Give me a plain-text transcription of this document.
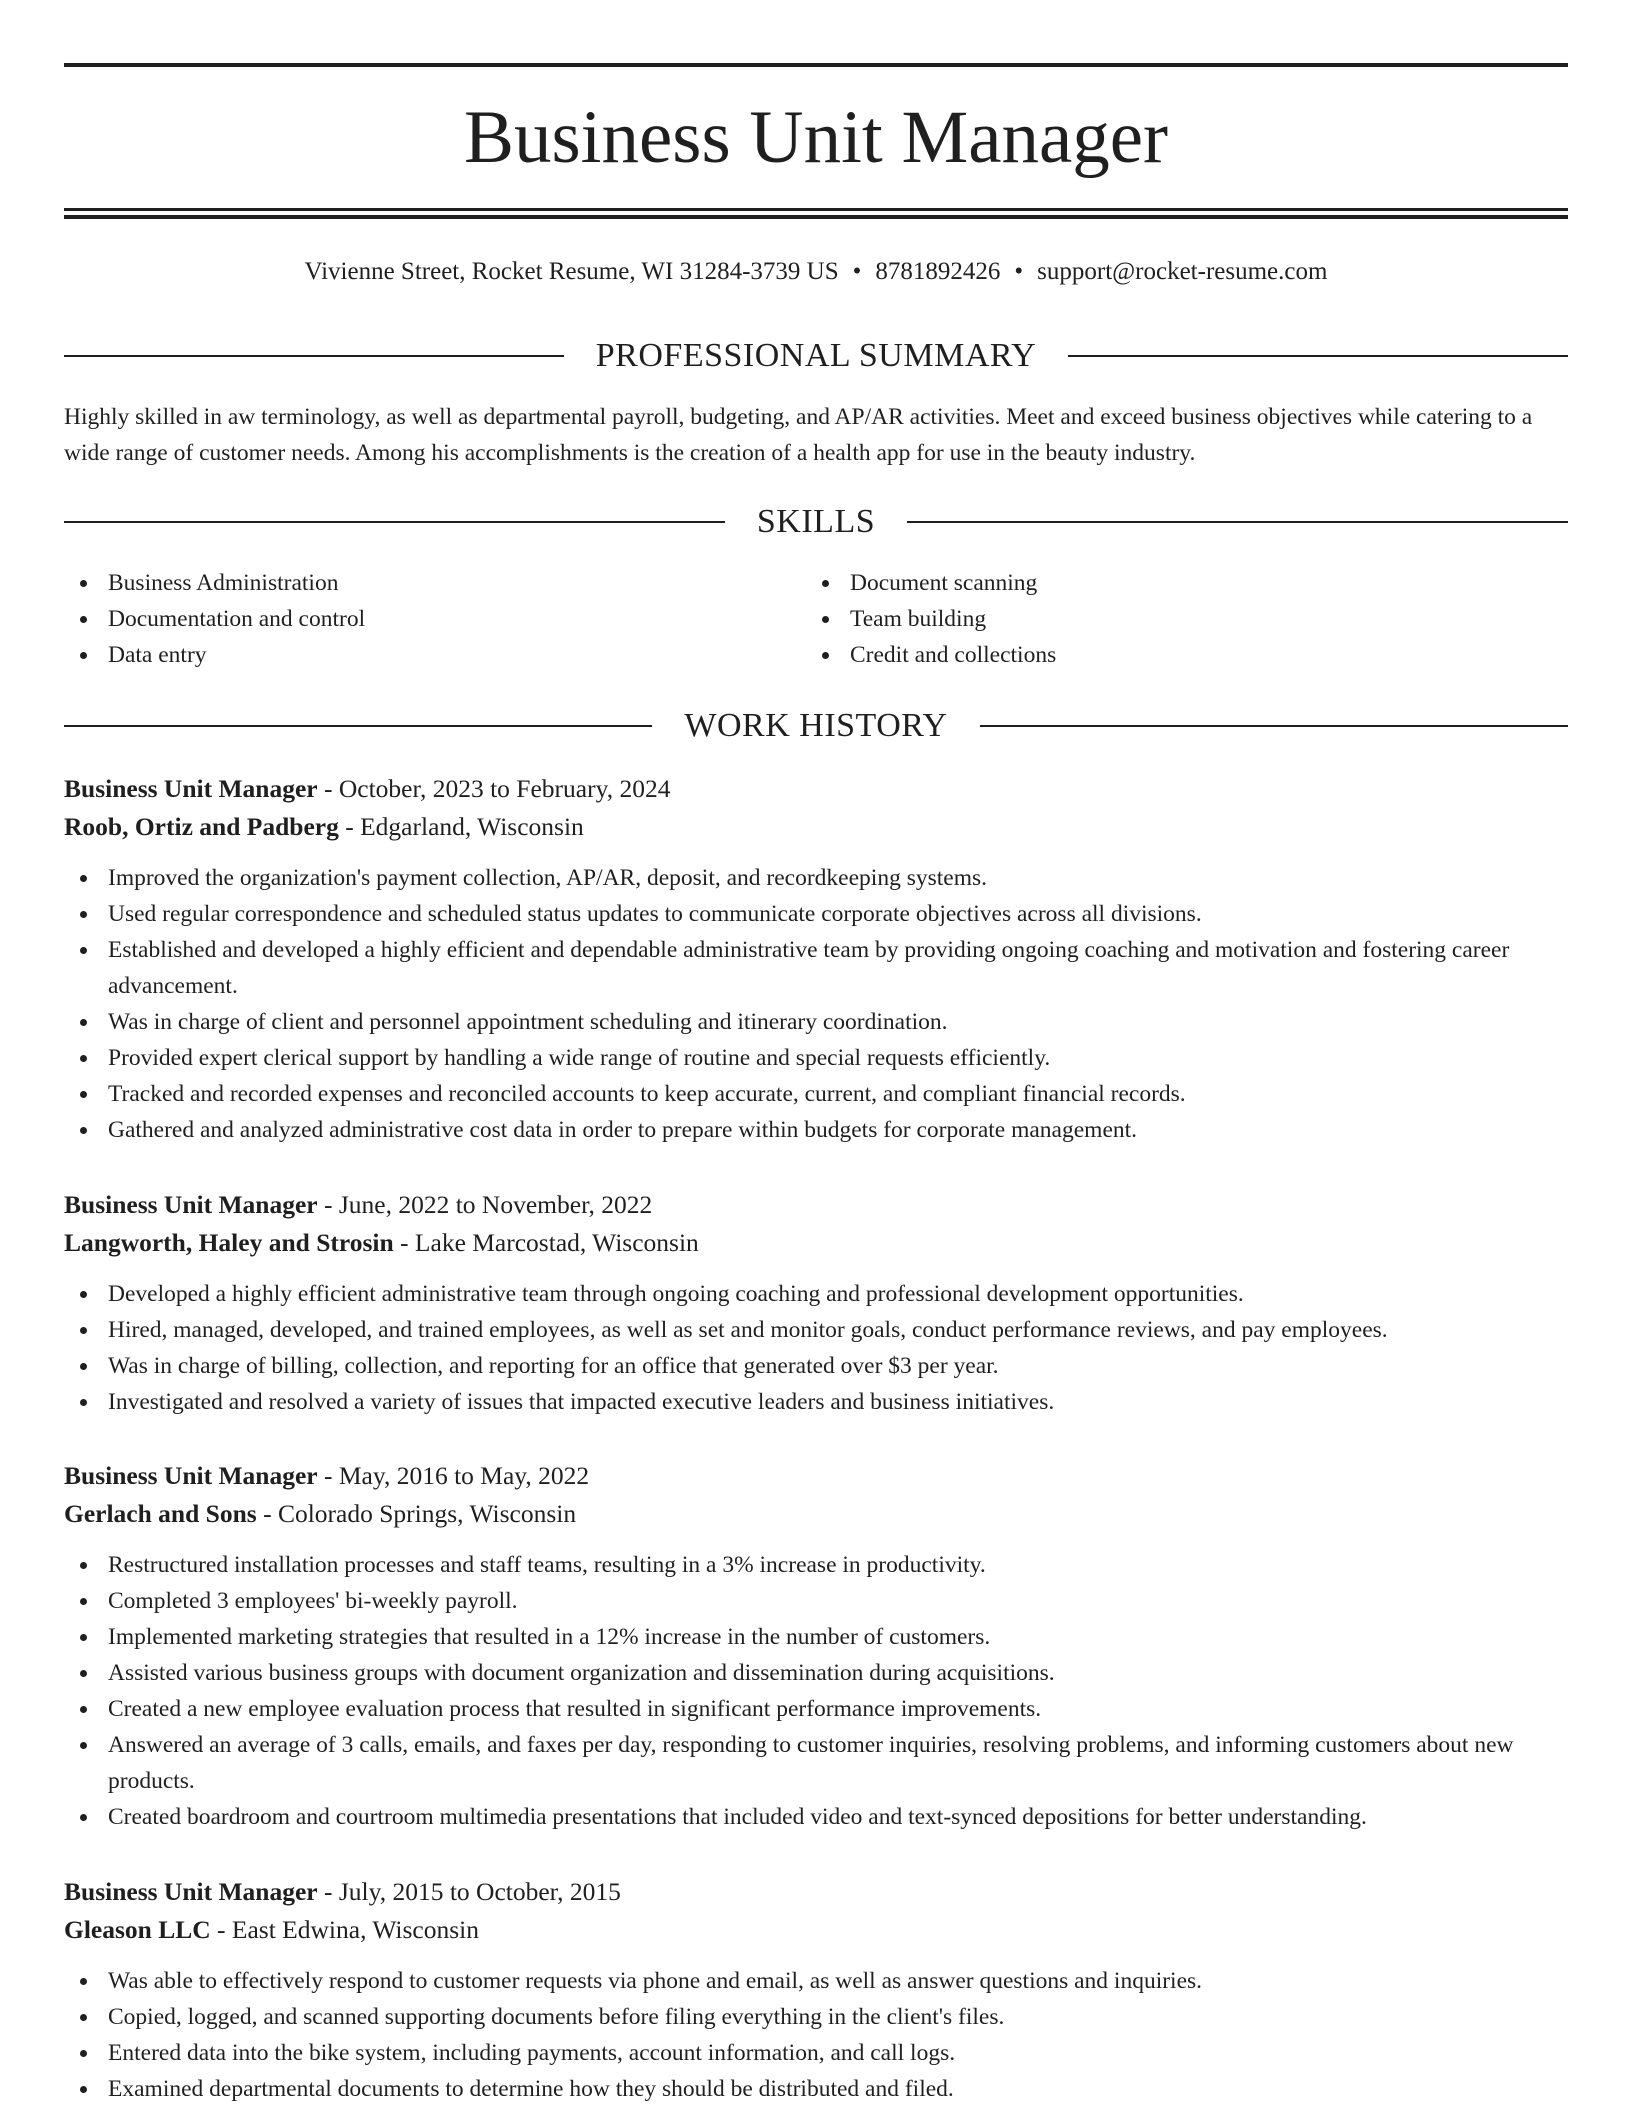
Business Unit Manager
Vivienne Street, Rocket Resume, WI 31284-3739 US • 8781892426 • support@rocket-resume.com
PROFESSIONAL SUMMARY

Highly skilled in aw terminology, as well as departmental payroll, budgeting, and AP/AR activities. Meet and exceed business objectives while catering to a wide range of customer needs. Among his accomplishments is the creation of a health app for use in the beauty industry.

SKILLS
Business Administration
Documentation and control
Data entry
Document scanning
Team building
Credit and collections
WORK HISTORY
Business Unit Manager - October, 2023 to February, 2024
Roob, Ortiz and Padberg - Edgarland, Wisconsin
Improved the organization's payment collection, AP/AR, deposit, and recordkeeping systems.
Used regular correspondence and scheduled status updates to communicate corporate objectives across all divisions.
Established and developed a highly efficient and dependable administrative team by providing ongoing coaching and motivation and fostering career advancement.
Was in charge of client and personnel appointment scheduling and itinerary coordination.
Provided expert clerical support by handling a wide range of routine and special requests efficiently.
Tracked and recorded expenses and reconciled accounts to keep accurate, current, and compliant financial records.
Gathered and analyzed administrative cost data in order to prepare within budgets for corporate management.
Business Unit Manager - June, 2022 to November, 2022
Langworth, Haley and Strosin - Lake Marcostad, Wisconsin
Developed a highly efficient administrative team through ongoing coaching and professional development opportunities.
Hired, managed, developed, and trained employees, as well as set and monitor goals, conduct performance reviews, and pay employees.
Was in charge of billing, collection, and reporting for an office that generated over $3 per year.
Investigated and resolved a variety of issues that impacted executive leaders and business initiatives.
Business Unit Manager - May, 2016 to May, 2022
Gerlach and Sons - Colorado Springs, Wisconsin
Restructured installation processes and staff teams, resulting in a 3% increase in productivity.
Completed 3 employees' bi-weekly payroll.
Implemented marketing strategies that resulted in a 12% increase in the number of customers.
Assisted various business groups with document organization and dissemination during acquisitions.
Created a new employee evaluation process that resulted in significant performance improvements.
Answered an average of 3 calls, emails, and faxes per day, responding to customer inquiries, resolving problems, and informing customers about new products.
Created boardroom and courtroom multimedia presentations that included video and text-synced depositions for better understanding.
Business Unit Manager - July, 2015 to October, 2015
Gleason LLC - East Edwina, Wisconsin
Was able to effectively respond to customer requests via phone and email, as well as answer questions and inquiries.
Copied, logged, and scanned supporting documents before filing everything in the client's files.
Entered data into the bike system, including payments, account information, and call logs.
Examined departmental documents to determine how they should be distributed and filed.
